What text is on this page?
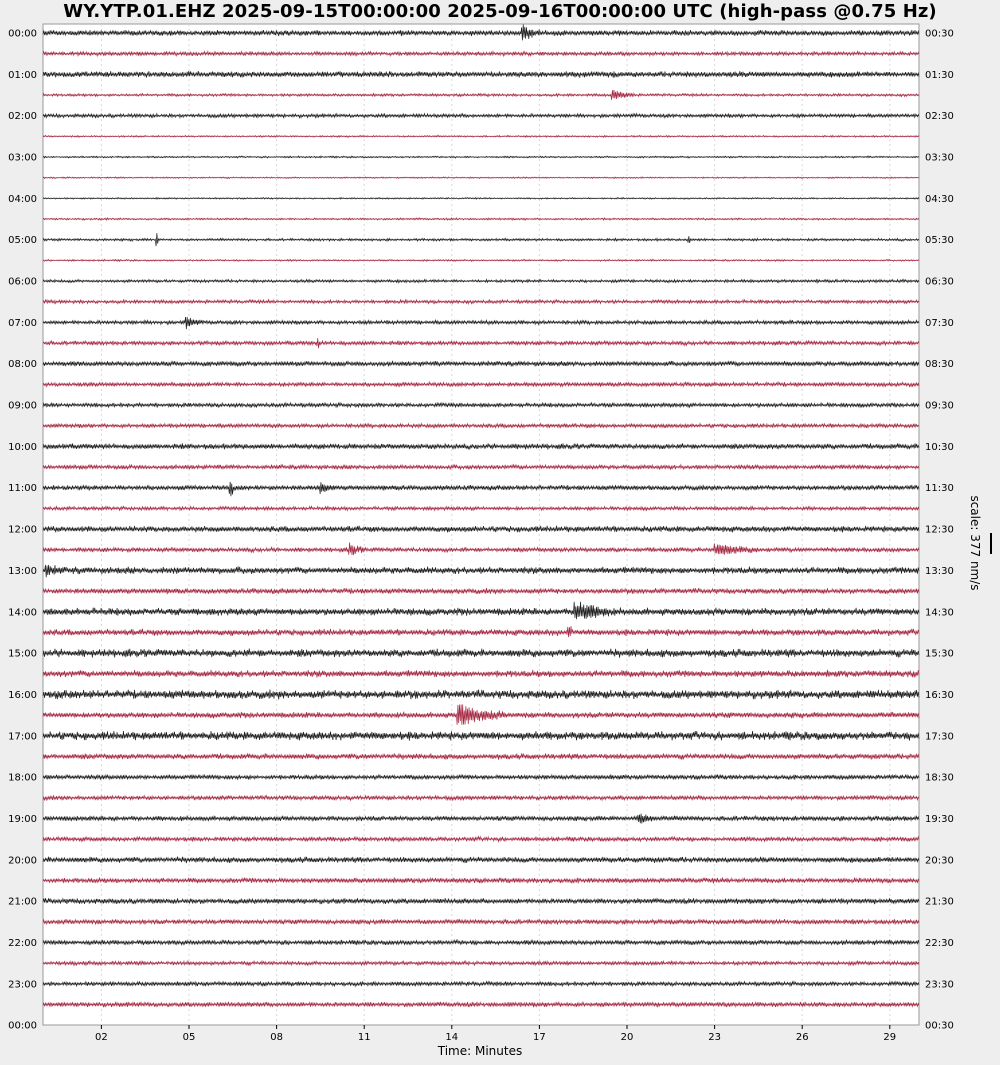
WY.YTP.01.EHZ 2025-09-15T00:00:00 2025-09-16T00:00:00 UTC (high-pass @0.75 Hz)
00:00
01:00
02:00
03:00
04:00
05:00
06:00
07:00
08:00
09:00
10:00
11:00
12:00
13:00
14:00
15:00
16:00
17:00
18:00
19:00
20:00
21:00
22:00
23:00
00:00
00:30
01:30
02:30
03:30
04:30
05:30
06:30
07:30
08:30
09:30
10:30
11:30
12:30
13:30
14:30
15:30
16:30
17:30
18:30
19:30
20:30
21:30
22:30
23:30
00:30
02	05	08	11	14	17	20	23	26	29
Time: Minutes
scale: 377 nm/s
